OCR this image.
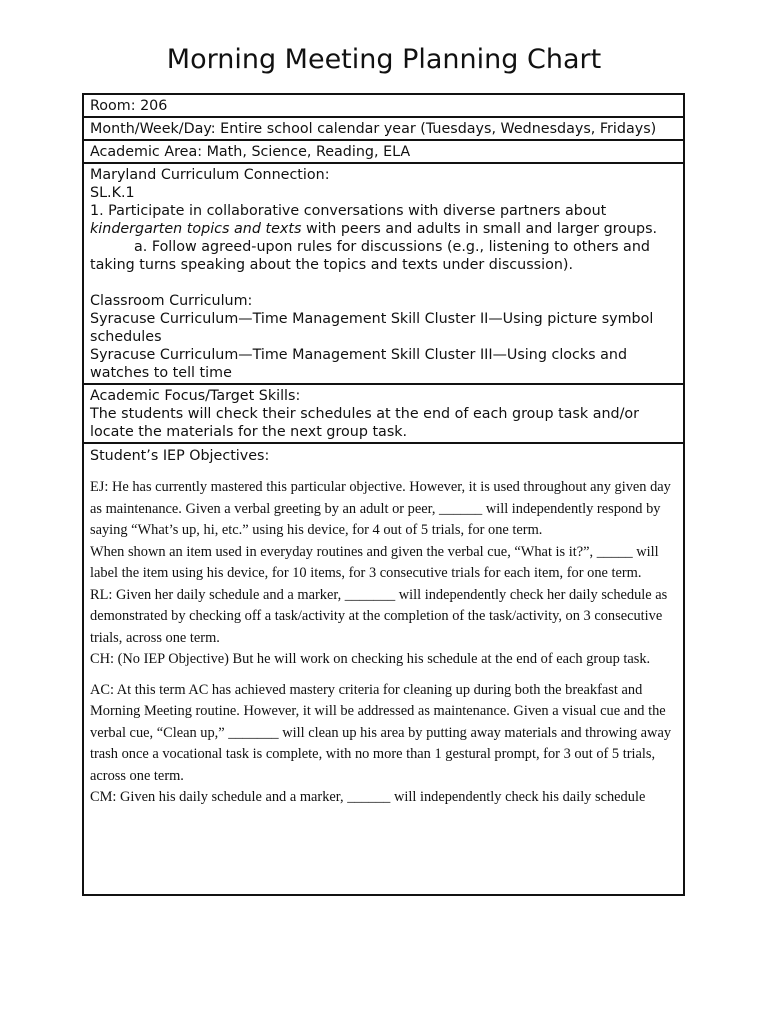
Morning Meeting Planning Chart

Room: 206

Month/Week/Day: Entire school calendar year (Tuesdays, Wednesdays, Fridays)

Academic Area: Math, Science, Reading, ELA

Maryland Curriculum Connection:

SL.K.1

1. Participate in collaborative conversations with diverse partners about kindergarten topics and texts with peers and adults in small and larger groups.

a. Follow agreed-upon rules for discussions (e.g., listening to others and taking turns speaking about the topics and texts under discussion).

Classroom Curriculum:

Syracuse Curriculum—Time Management Skill Cluster II—Using picture symbol schedules

Syracuse Curriculum—Time Management Skill Cluster III—Using clocks and watches to tell time

Academic Focus/Target Skills:

The students will check their schedules at the end of each group task and/or locate the materials for the next group task.

Student’s IEP Objectives:

EJ: He has currently mastered this particular objective. However, it is used throughout any given day as maintenance. Given a verbal greeting by an adult or peer, ______ will independently respond by saying “What’s up, hi, etc.” using his device, for 4 out of 5 trials, for one term.

When shown an item used in everyday routines and given the verbal cue, “What is it?”, _____ will label the item using his device, for 10 items, for 3 consecutive trials for each item, for one term.

RL: Given her daily schedule and a marker, _______ will independently check her daily schedule as demonstrated by checking off a task/activity at the completion of the task/activity, on 3 consecutive trials, across one term.

CH: (No IEP Objective) But he will work on checking his schedule at the end of each group task.

AC: At this term AC has achieved mastery criteria for cleaning up during both the breakfast and Morning Meeting routine. However, it will be addressed as maintenance. Given a visual cue and the verbal cue, “Clean up,” _______ will clean up his area by putting away materials and throwing away trash once a vocational task is complete, with no more than 1 gestural prompt, for 3 out of 5 trials, across one term.

CM: Given his daily schedule and a marker, ______ will independently check his daily schedule
